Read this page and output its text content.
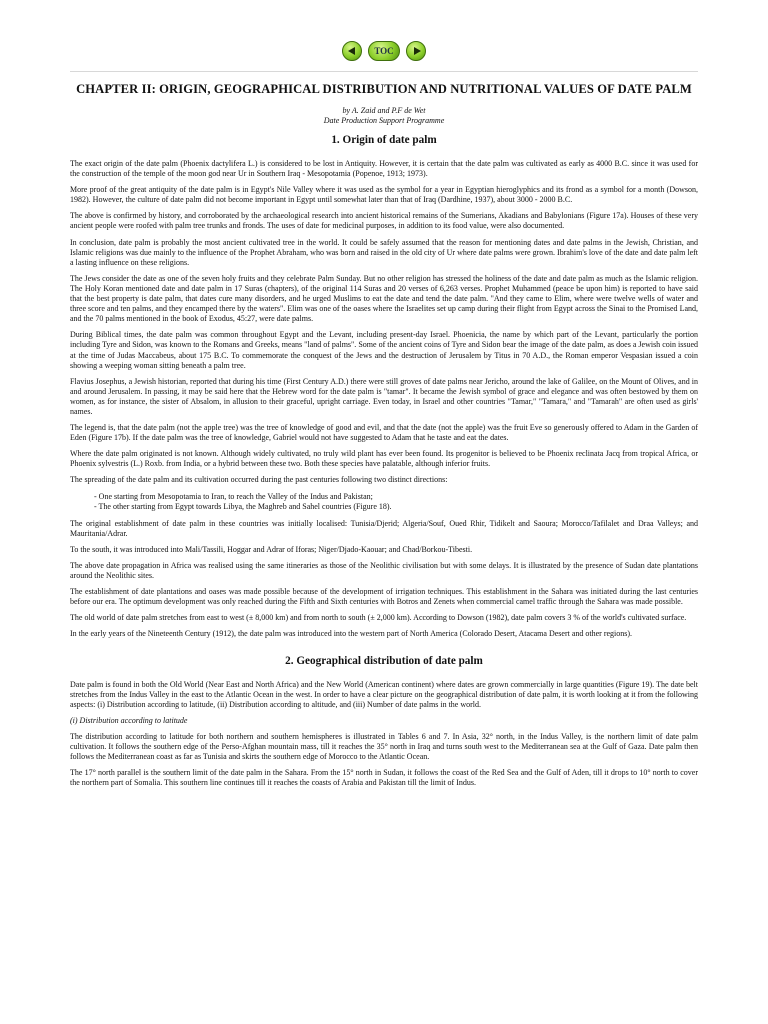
TOC
CHAPTER II: ORIGIN, GEOGRAPHICAL DISTRIBUTION AND NUTRITIONAL VALUES OF DATE PALM
by A. Zaid and P.F de Wet
Date Production Support Programme
1. Origin of date palm

The exact origin of the date palm (Phoenix dactylifera L.) is considered to be lost in Antiquity. However, it is certain that the date palm was cultivated as early as 4000 B.C. since it was used for the construction of the temple of the moon god near Ur in Southern Iraq - Mesopotamia (Popenoe, 1913; 1973).

More proof of the great antiquity of the date palm is in Egypt's Nile Valley where it was used as the symbol for a year in Egyptian hieroglyphics and its frond as a symbol for a month (Dowson, 1982). However, the culture of date palm did not become important in Egypt until somewhat later than that of Iraq (Dardhine, 1937), about 3000 - 2000 B.C.

The above is confirmed by history, and corroborated by the archaeological research into ancient historical remains of the Sumerians, Akadians and Babylonians (Figure 17a). Houses of these very ancient people were roofed with palm tree trunks and fronds. The uses of date for medicinal purposes, in addition to its food value, were also documented.

In conclusion, date palm is probably the most ancient cultivated tree in the world. It could be safely assumed that the reason for mentioning dates and date palms in the Jewish, Christian, and Islamic religions was due mainly to the influence of the Prophet Abraham, who was born and raised in the old city of Ur where date palms were grown. Ibrahim's love of the date and date palm left a lasting influence on these religions.

The Jews consider the date as one of the seven holy fruits and they celebrate Palm Sunday. But no other religion has stressed the holiness of the date and date palm as much as the Islamic religion. The Holy Koran mentioned date and date palm in 17 Suras (chapters), of the original 114 Suras and 20 verses of 6,263 verses. Prophet Muhammed (peace be upon him) is reported to have said that the best property is date palm, that dates cure many disorders, and he urged Muslims to eat the date and tend the date palm. "And they came to Elim, where were twelve wells of water and three score and ten palms, and they encamped there by the waters". Elim was one of the oases where the Israelites set up camp during their flight from Egypt across the Sinai to the Promised Land, and the 70 palms mentioned in the book of Exodus, 45:27, were date palms.

During Biblical times, the date palm was common throughout Egypt and the Levant, including present-day Israel. Phoenicia, the name by which part of the Levant, particularly the portion including Tyre and Sidon, was known to the Romans and Greeks, means "land of palms". Some of the ancient coins of Tyre and Sidon bear the image of the date palm, as does a Jewish coin issued at the time of Judas Maccabeus, about 175 B.C. To commemorate the conquest of the Jews and the destruction of Jerusalem by Titus in 70 A.D., the Roman emperor Vespasian issued a coin showing a weeping woman sitting beneath a palm tree.

Flavius Josephus, a Jewish historian, reported that during his time (First Century A.D.) there were still groves of date palms near Jericho, around the lake of Galilee, on the Mount of Olives, and in and around Jerusalem. In passing, it may be said here that the Hebrew word for the date palm is "tamar". It became the Jewish symbol of grace and elegance and was often bestowed by them on women, as for instance, the sister of Absalom, in allusion to their graceful, upright carriage. Even today, in Israel and other countries "Tamar," "Tamara," and "Tamarah" are often used as girls' names.

The legend is, that the date palm (not the apple tree) was the tree of knowledge of good and evil, and that the date (not the apple) was the fruit Eve so generously offered to Adam in the Garden of Eden (Figure 17b). If the date palm was the tree of knowledge, Gabriel would not have suggested to Adam that he taste and eat the dates.

Where the date palm originated is not known. Although widely cultivated, no truly wild plant has ever been found. Its progenitor is believed to be Phoenix reclinata Jacq from tropical Africa, or Phoenix sylvestris (L.) Roxb. from India, or a hybrid between these two. Both these species have palatable, although inferior fruits.

The spreading of the date palm and its cultivation occurred during the past centuries following two distinct directions:

- One starting from Mesopotamia to Iran, to reach the Valley of the Indus and Pakistan;
- The other starting from Egypt towards Libya, the Maghreb and Sahel countries (Figure 18).

The original establishment of date palm in these countries was initially localised: Tunisia/Djerid; Algeria/Souf, Oued Rhir, Tidikelt and Saoura; Morocco/Tafilalet and Draa Valleys; and Mauritania/Adrar.

To the south, it was introduced into Mali/Tassili, Hoggar and Adrar of Iforas; Niger/Djado-Kaouar; and Chad/Borkou-Tibesti.

The above date propagation in Africa was realised using the same itineraries as those of the Neolithic civilisation but with some delays. It is illustrated by the presence of Sudan date plantations around the Neolithic sites.

The establishment of date plantations and oases was made possible because of the development of irrigation techniques. This establishment in the Sahara was initiated during the last centuries before our era. The optimum development was only reached during the Fifth and Sixth centuries with Botros and Zenets when commercial camel traffic through the Sahara was made possible.

The old world of date palm stretches from east to west (± 8,000 km) and from north to south (± 2,000 km). According to Dowson (1982), date palm covers 3 % of the world's cultivated surface.

In the early years of the Nineteenth Century (1912), the date palm was introduced into the western part of North America (Colorado Desert, Atacama Desert and other regions).

2. Geographical distribution of date palm

Date palm is found in both the Old World (Near East and North Africa) and the New World (American continent) where dates are grown commercially in large quantities (Figure 19). The date belt stretches from the Indus Valley in the east to the Atlantic Ocean in the west. In order to have a clear picture on the geographical distribution of date palm, it is worth looking at it from the following aspects: (i) Distribution according to latitude, (ii) Distribution according to altitude, and (iii) Number of date palms in the world.

(i) Distribution according to latitude

The distribution according to latitude for both northern and southern hemispheres is illustrated in Tables 6 and 7. In Asia, 32° north, in the Indus Valley, is the northern limit of date palm cultivation. It follows the southern edge of the Perso-Afghan mountain mass, till it reaches the 35° north in Iraq and turns south west to the Mediterranean sea at the Gulf of Gaza. Date palm then follows the Mediterranean coast as far as Tunisia and skirts the southern edge of Morocco to the Atlantic Ocean.

The 17° north parallel is the southern limit of the date palm in the Sahara. From the 15° north in Sudan, it follows the coast of the Red Sea and the Gulf of Aden, till it drops to 10° north to cover the northern part of Somalia. This southern line continues till it reaches the coasts of Arabia and Pakistan till the limit of Indus.
